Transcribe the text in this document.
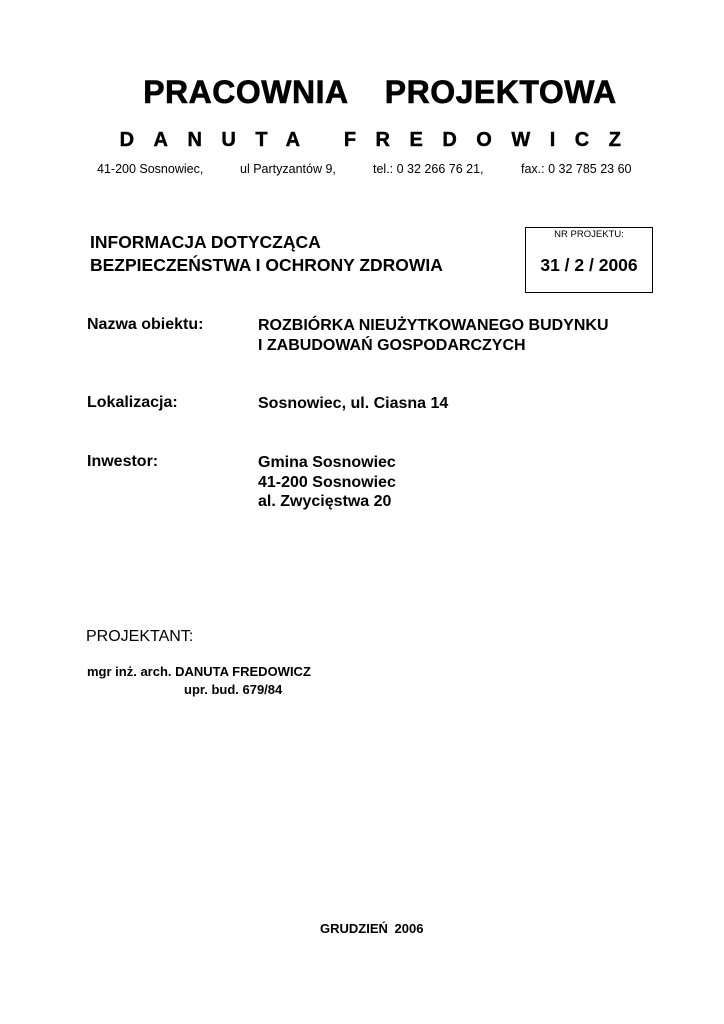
PRACOWNIA PROJEKTOWA
DANUTA FREDOWICZ
41-200 Sosnowiec,	ul Partyzantów 9,	tel.: 0 32 266 76 21,	fax.: 0 32 785 23 60
INFORMACJA DOTYCZĄCA
BEZPIECZEŃSTWA I OCHRONY ZDROWIA
NR PROJEKTU:
31 / 2 / 2006
Nazwa obiektu:	ROZBIÓRKA NIEUŻYTKOWANEGO BUDYNKU
I ZABUDOWAŃ GOSPODARCZYCH
Lokalizacja:	Sosnowiec, ul. Ciasna 14
Inwestor:	Gmina Sosnowiec
41-200 Sosnowiec
al. Zwycięstwa 20
PROJEKTANT:
mgr inż. arch. DANUTA FREDOWICZ
upr. bud. 679/84
GRUDZIEŃ 2006
